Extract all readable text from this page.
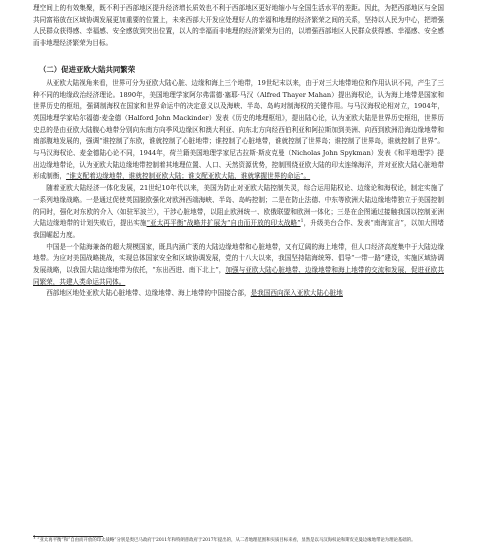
理空间上的有效集聚，既不利于西部地区提升经济增长质效也不利于西部地区更好地缩小与全国生活水平的差距。因此，为把西部地区与全国共同富裕放在区域协调发展更加重要的位置上，未来西部大开发应处理好人的幸福和地理的经济繁荣之间的关系，坚持以人民为中心，把增强人民群众获得感、幸福感、安全感放到突出位置，以人的幸福而非地理的经济繁荣为目的，以增强西部地区人民群众获得感、幸福感、安全感而非地理经济繁荣为目标。

（二）促进亚欧大陆共同繁荣

从亚欧大陆视角来看，世界可分为亚欧大陆心脏、边缘和海上三个地带，19世纪末以来，由于对三大地带地位和作用认识不同，产生了三种不同的地缘政治经济理论。1890年，美国地理学家阿尔弗雷德·塞耶·马汉（Alfred Thayer Mahan）提出海权论，认为海上地带是国家和世界历史的枢纽，强调制海权在国家和世界命运中的决定意义以及海峡、半岛、岛屿对制海权的关键作用。与马汉海权论相对立，1904年，英国地理学家哈尔福德·麦金德（Halford John Mackinder）发表《历史的地理枢纽》，提出陆心论，认为亚欧大陆是世界历史枢纽，世界历史总的是由亚欧大陆腹心地带分别向东南方向季风边缘区和澳大利亚、向东北方向经西伯利亚和阿拉斯加到美洲、向西到欧洲沿海边缘地带和南部腹地发展的，强调“谁控制了东欧，谁就控制了心脏地带；谁控制了心脏地带，谁就控制了世界岛；谁控制了世界岛，谁就控制了世界”。与马汉海权论、麦金德陆心论不同，1944年，荷兰籍美国地理学家尼古拉斯·斯皮克曼（Nicholas John Spykman）发表《和平地理学》提出边缘地带论，认为亚欧大陆边缘地带控制着其地理位置、人口、天然资源优势，控制围绕亚欧大陆的印太连绵海洋，并对亚欧大陆心脏地带形成制衡，“谁支配着边缘地带，谁就控制亚欧大陆；谁支配亚欧大陆，谁就掌握世界的命运”。

随着亚欧大陆经济一体化发展，21世纪10年代以来，美国为防止对亚欧大陆控制失灵，综合运用陆权论、边缘论和海权论，制定实施了一系列地缘战略。一是通过促使英国脱欧强化对欧洲西端海峡、半岛、岛屿控制；二是在防止法德、中东等欧洲大陆边缘地带独立于美国控制的同时，强化对东欧的介入（如驻军波兰），干涉心脏地带，以阻止欧洲统一、欧俄联盟和欧洲一体化；三是在企图通过接触我国以控制亚洲大陆边缘地带的计划失败后，提出实施“亚太再平衡”战略并扩展为“自由而开放的印太战略”$^1$，升级美台合作、发表“南海宣言”，以加大围堵我国崛起力度。

中国是一个陆海兼备的超大规模国家，既具内涵广袤的大陆边缘地带和心脏地带，又有辽阔的海上地带，但人口经济高度集中于大陆边缘地带。为应对美国战略挑战，实现总体国家安全和区域协调发展，党的十八大以来，我国坚持陆海统筹、倡导“一带一路”建设，实施区域协调发展战略，以我国大陆边缘地带为依托，“东出西进、南下北上”，加强与亚欧大陆心脏地带、边缘地带和海上地带的交流和发展，促进亚欧共同繁荣，共建人类命运共同体。

西部地区地处亚欧大陆心脏地带、边缘地带、海上地带的中国接合部，是我国西向深入亚欧大陆心脏地

$^1$ “亚太再平衡”和“自由而开放的印太战略”分别是奥巴马政府于2011年和特朗普政府于2017年提出的，从二者地理范围和实质目标来看，显然是以马汉海权论和斯皮克曼边缘地带论为理论基础的。
